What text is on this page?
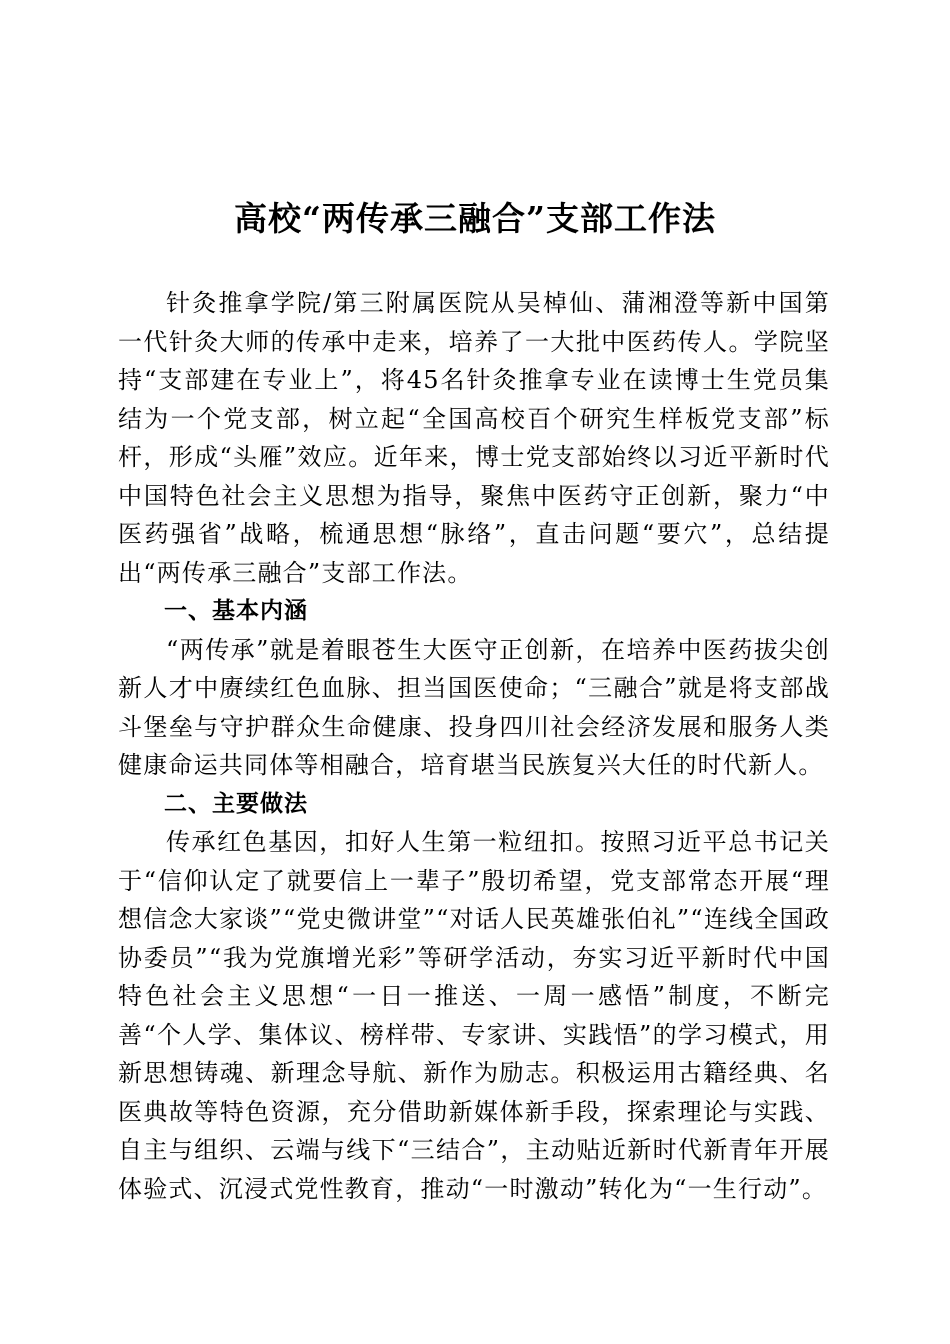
高校“两传承三融合”支部工作法

针灸推拿学院/第三附属医院从吴棹仙、蒲湘澄等新中国第一代针灸大师的传承中走来，培养了一大批中医药传人。学院坚持“支部建在专业上”，将45名针灸推拿专业在读博士生党员集结为一个党支部，树立起“全国高校百个研究生样板党支部”标杆，形成“头雁”效应。近年来，博士党支部始终以习近平新时代中国特色社会主义思想为指导，聚焦中医药守正创新，聚力“中医药强省”战略，梳通思想“脉络”，直击问题“要穴”，总结提出“两传承三融合”支部工作法。

一、基本内涵

“两传承”就是着眼苍生大医守正创新，在培养中医药拔尖创新人才中赓续红色血脉、担当国医使命；“三融合”就是将支部战斗堡垒与守护群众生命健康、投身四川社会经济发展和服务人类健康命运共同体等相融合，培育堪当民族复兴大任的时代新人。

二、主要做法

传承红色基因，扣好人生第一粒纽扣。按照习近平总书记关于“信仰认定了就要信上一辈子”殷切希望，党支部常态开展“理想信念大家谈”“党史微讲堂”“对话人民英雄张伯礼”“连线全国政协委员”“我为党旗增光彩”等研学活动，夯实习近平新时代中国特色社会主义思想“一日一推送、一周一感悟”制度，不断完善“个人学、集体议、榜样带、专家讲、实践悟”的学习模式，用新思想铸魂、新理念导航、新作为励志。积极运用古籍经典、名医典故等特色资源，充分借助新媒体新手段，探索理论与实践、自主与组织、云端与线下“三结合”，主动贴近新时代新青年开展体验式、沉浸式党性教育，推动“一时激动”转化为“一生行动”。
